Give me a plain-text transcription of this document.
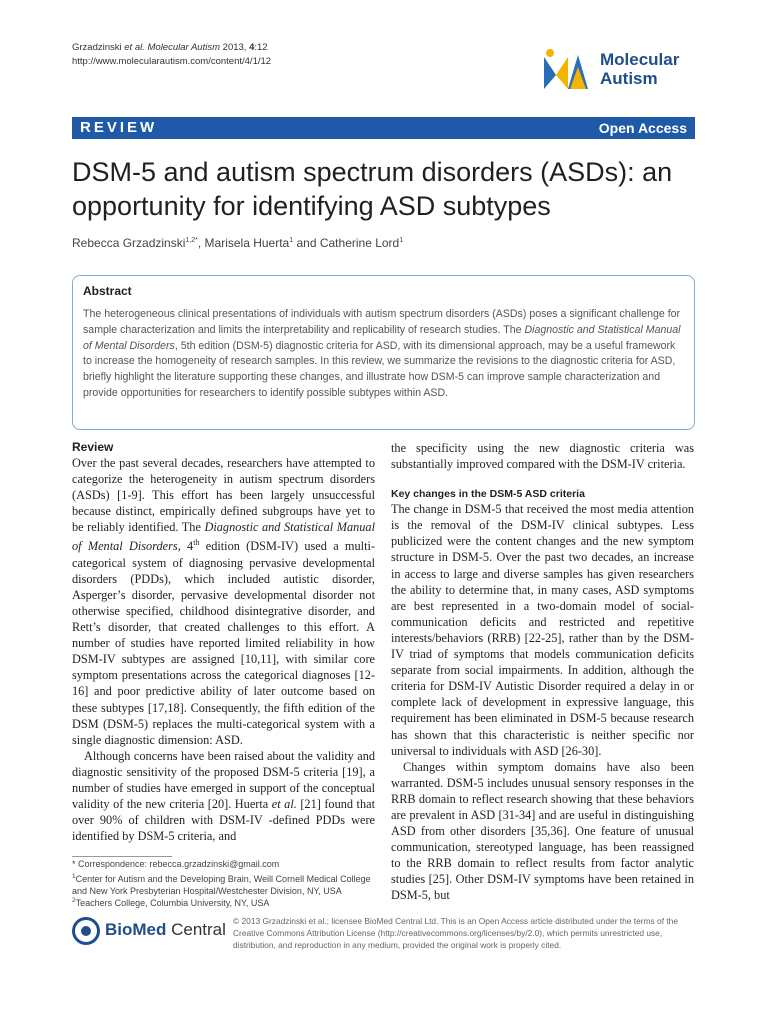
Grzadzinski et al. Molecular Autism 2013, 4:12
http://www.molecularautism.com/content/4/1/12	Molecular
Autism
REVIEW	Open Access
DSM-5 and autism spectrum disorders (ASDs): an opportunity for identifying ASD subtypes
Rebecca Grzadzinski$^{1,2*}$, Marisela Huerta$^1$ and Catherine Lord$^1$
Abstract
The heterogeneous clinical presentations of individuals with autism spectrum disorders (ASDs) poses a significant challenge for sample characterization and limits the interpretability and replicability of research studies. The Diagnostic and Statistical Manual of Mental Disorders, 5th edition (DSM-5) diagnostic criteria for ASD, with its dimensional approach, may be a useful framework to increase the homogeneity of research samples. In this review, we summarize the revisions to the diagnostic criteria for ASD, briefly highlight the literature supporting these changes, and illustrate how DSM-5 can improve sample characterization and provide opportunities for researchers to identify possible subtypes within ASD.
Review

Over the past several decades, researchers have attempted to categorize the heterogeneity in autism spectrum disorders (ASDs) [1-9]. This effort has been largely unsuccessful because distinct, empirically defined subgroups have yet to be reliably identified. The Diagnostic and Statistical Manual of Mental Disorders, 4th edition (DSM-IV) used a multi-categorical system of diagnosing pervasive developmental disorders (PDDs), which included autistic disorder, Asperger’s disorder, pervasive developmental disorder not otherwise specified, childhood disintegrative disorder, and Rett’s disorder, that created challenges to this effort. A number of studies have reported limited reliability in how DSM-IV subtypes are assigned [10,11], with similar core symptom presentations across the categorical diagnoses [12-16] and poor predictive ability of later outcome based on these subtypes [17,18]. Consequently, the fifth edition of the DSM (DSM-5) replaces the multi-categorical system with a single diagnostic dimension: ASD.

Although concerns have been raised about the validity and diagnostic sensitivity of the proposed DSM-5 criteria [19], a number of studies have emerged in support of the conceptual validity of the new criteria [20]. Huerta et al. [21] found that over 90% of children with DSM-IV -defined PDDs were identified by DSM-5 criteria, and

the specificity using the new diagnostic criteria was substantially improved compared with the DSM-IV criteria.

Key changes in the DSM-5 ASD criteria

The change in DSM-5 that received the most media attention is the removal of the DSM-IV clinical subtypes. Less publicized were the content changes and the new symptom structure in DSM-5. Over the past two decades, an increase in access to large and diverse samples has given researchers the ability to determine that, in many cases, ASD symptoms are best represented in a two-domain model of social-communication deficits and restricted and repetitive interests/behaviors (RRB) [22-25], rather than by the DSM-IV triad of symptoms that models communication deficits separate from social impairments. In addition, although the criteria for DSM-IV Autistic Disorder required a delay in or complete lack of development in expressive language, this requirement has been eliminated in DSM-5 because research has shown that this characteristic is neither specific nor universal to individuals with ASD [26-30].

Changes within symptom domains have also been warranted. DSM-5 includes unusual sensory responses in the RRB domain to reflect research showing that these behaviors are prevalent in ASD [31-34] and are useful in distinguishing ASD from other disorders [35,36]. One feature of unusual communication, stereotyped language, has been reassigned to the RRB domain to reflect results from factor analytic studies [25]. Other DSM-IV symptoms have been retained in DSM-5, but

* Correspondence: rebecca.grzadzinski@gmail.com
$^1$Center for Autism and the Developing Brain, Weill Cornell Medical College and New York Presbyterian Hospital/Westchester Division, NY, USA
$^2$Teachers College, Columbia University, NY, USA
BioMed Central © 2013 Grzadzinski et al.; licensee BioMed Central Ltd. This is an Open Access article distributed under the terms of the Creative Commons Attribution License (http://creativecommons.org/licenses/by/2.0), which permits unrestricted use, distribution, and reproduction in any medium, provided the original work is properly cited.
